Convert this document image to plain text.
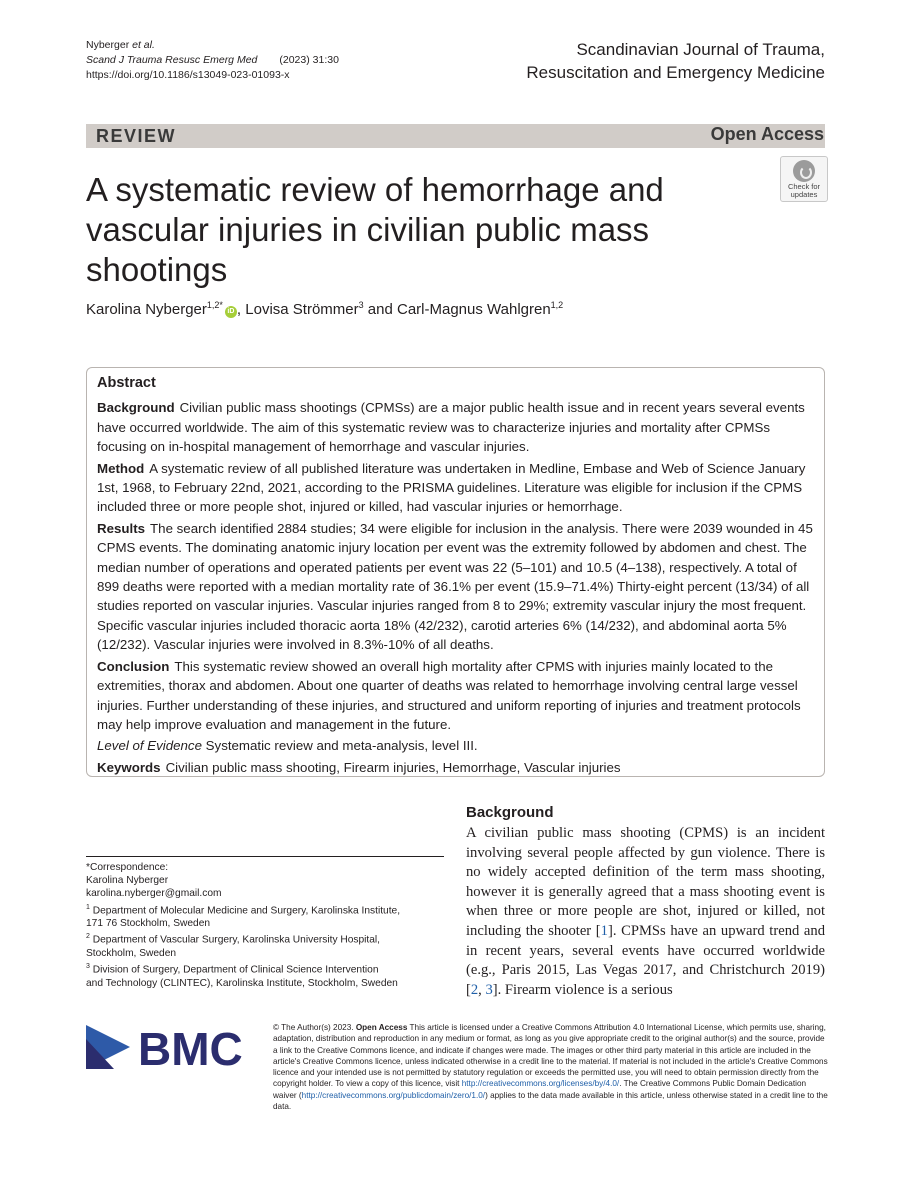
Nyberger et al.
Scand J Trauma Resusc Emerg Med (2023) 31:30
https://doi.org/10.1186/s13049-023-01093-x
Scandinavian Journal of Trauma,
Resuscitation and Emergency Medicine
REVIEW	Open Access
Check for
updates
A systematic review of hemorrhage and vascular injuries in civilian public mass shootings
Karolina Nyberger$^{1,2*}$iD , Lovisa Strömmer$^3$ and Carl-Magnus Wahlgren$^{1,2}$
Abstract

Background Civilian public mass shootings (CPMSs) are a major public health issue and in recent years several events have occurred worldwide. The aim of this systematic review was to characterize injuries and mortality after CPMSs focusing on in-hospital management of hemorrhage and vascular injuries.

Method A systematic review of all published literature was undertaken in Medline, Embase and Web of Science January 1st, 1968, to February 22nd, 2021, according to the PRISMA guidelines. Literature was eligible for inclusion if the CPMS included three or more people shot, injured or killed, had vascular injuries or hemorrhage.

Results The search identified 2884 studies; 34 were eligible for inclusion in the analysis. There were 2039 wounded in 45 CPMS events. The dominating anatomic injury location per event was the extremity followed by abdomen and chest. The median number of operations and operated patients per event was 22 (5–101) and 10.5 (4–138), respectively. A total of 899 deaths were reported with a median mortality rate of 36.1% per event (15.9–71.4%) Thirty-eight percent (13/34) of all studies reported on vascular injuries. Vascular injuries ranged from 8 to 29%; extremity vascular injury the most frequent. Specific vascular injuries included thoracic aorta 18% (42/232), carotid arteries 6% (14/232), and abdominal aorta 5% (12/232). Vascular injuries were involved in 8.3%-10% of all deaths.

Conclusion This systematic review showed an overall high mortality after CPMS with injuries mainly located to the extremities, thorax and abdomen. About one quarter of deaths was related to hemorrhage involving central large vessel injuries. Further understanding of these injuries, and structured and uniform reporting of injuries and treatment protocols may help improve evaluation and management in the future.

Level of Evidence Systematic review and meta-analysis, level III.

Keywords Civilian public mass shooting, Firearm injuries, Hemorrhage, Vascular injuries

*Correspondence:

Karolina Nyberger

karolina.nyberger@gmail.com

$^1$ Department of Molecular Medicine and Surgery, Karolinska Institute,

171 76 Stockholm, Sweden

$^2$ Department of Vascular Surgery, Karolinska University Hospital,

Stockholm, Sweden

$^3$ Division of Surgery, Department of Clinical Science Intervention

and Technology (CLINTEC), Karolinska Institute, Stockholm, Sweden

Background
A civilian public mass shooting (CPMS) is an incident involving several people affected by gun violence. There is no widely accepted definition of the term mass shooting, however it is generally agreed that a mass shooting event is when three or more people are shot, injured or killed, not including the shooter [1]. CPMSs have an upward trend and in recent years, several events have occurred worldwide (e.g., Paris 2015, Las Vegas 2017, and Christchurch 2019) [2, 3]. Firearm violence is a serious
BMC	© The Author(s) 2023. Open Access This article is licensed under a Creative Commons Attribution 4.0 International License, which permits use, sharing, adaptation, distribution and reproduction in any medium or format, as long as you give appropriate credit to the original author(s) and the source, provide a link to the Creative Commons licence, and indicate if changes were made. The images or other third party material in this article are included in the article's Creative Commons licence, unless indicated otherwise in a credit line to the material. If material is not included in the article's Creative Commons licence and your intended use is not permitted by statutory regulation or exceeds the permitted use, you will need to obtain permission directly from the copyright holder. To view a copy of this licence, visit http://creativecommons.org/licenses/by/4.0/. The Creative Commons Public Domain Dedication waiver (http://creativecommons.org/publicdomain/zero/1.0/) applies to the data made available in this article, unless otherwise stated in a credit line to the data.
